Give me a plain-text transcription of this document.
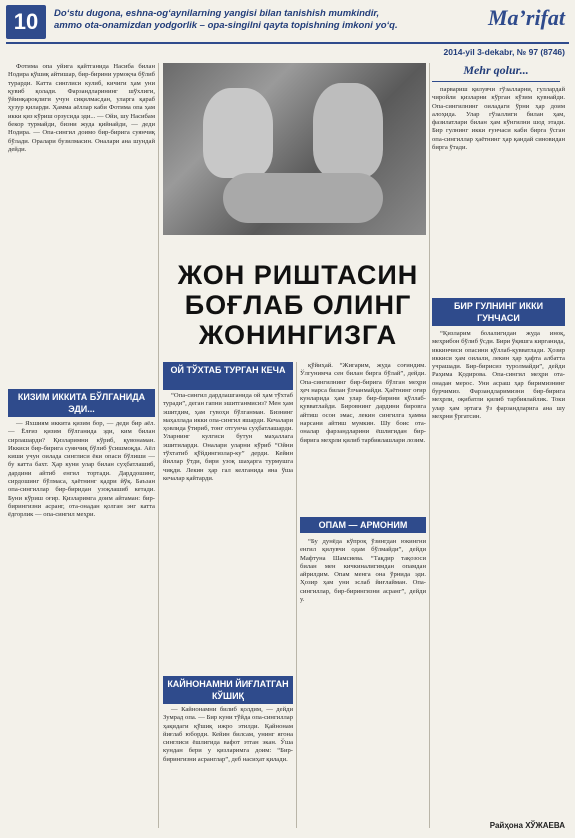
10	Do‘stu dugona, eshna-og‘aynilarning yangisi bilan tanishish mumkindir, ammo ota-onamizdan yodgorlik – opa-singilni qayta topishning imkoni yo‘q.	Ma’rifat
2014-yil 3-dekabr, № 97 (8746)
Mehr qolur...

Фотима опа уйига қайтганида Насиба билан Нодира қўшиқ айтишар, бир-бирини урмоқча бўлиб турарди. Катта синглиси кулиб, кичиги ҳам уни қувиб қолади. Фарзандларининг шўхлиги, ўйинқароқлиги учун сиқилмасдан, уларга қараб ҳузур қиларди. Ҳамма аёллар каби Фотима опа ҳам икки қиз кўриш орзусида эди... — Ойи, шу Насибам бекор турмайди, бизни жуда қийнайди, — деди Нодира. — Опа-сингил доимо бир-бирига суянчиқ бўлади. Оралари бузилмасин. Оналари ана шундай дейди.

КИЗИМ ИККИТА БЎЛГАНИДА ЭДИ...

— Яхшиям иккита қизим бор, — деди бир аёл. — Ёлғиз қизим бўлганида эди, ким билан сирлашарди? Қизларимни кўриб, қувонаман. Иккиси бир-бирига суянчиқ бўлиб ўсишмоқда. Аёл киши учун оилада синглиси ёки опаси бўлиши — бу катта бахт. Ҳар куни улар билан суҳбатлашиб, дардини айтиб енгил тортади. Дарддошинг, сирдошинг бўлмаса, ҳаётнинг қадри йўқ. Баъзан опа-сингиллар бир-биридан узоқлашиб кетади. Буни кўриш оғир. Қизларимга доим айтаман: бир-бирингизни асранг, ота-онадан қолган энг катта ёдгорлик — опа-сингил меҳри.

ЖОН РИШТАСИН
БОҒЛАБ ОЛИНГ
ЖОНИНГИЗГА
ОЙ ТЎХТАБ ТУРГАН КЕЧА

“Опа-сингил дардлашганида ой ҳам тўхтаб туради”, деган гапни эшитганмисиз? Мен ҳам эшитдим, ҳам гувоҳи бўлганман. Бизнинг маҳаллада икки опа-сингил яшарди. Кечалари ҳовлида ўтириб, тонг отгунча суҳбатлашарди. Уларнинг кулгиси бутун маҳаллага эшитиларди. Оналари уларни кўриб “Ойни тўхтатиб қўйдингизлар-ку” дерди. Кейин йиллар ўтди, бири узоқ шаҳарга турмушга чиқди. Лекин ҳар гал келганида яна ўша кечалар қайтарди.

КАЙНОНАМНИ ЙИҒЛАТГАН КЎШИҚ

— Кайнонамни билиб қолдим, — дейди Зумрад опа. — Бир куни тўйда опа-сингиллар ҳақидаги қўшиқ ижро этилди. Қайнонам йиғлаб юборди. Кейин билсам, унинг ягона синглиси ёшлигида вафот этган экан. Ўша кундан бери у қизларимга доим: “Бир-бирингизни асранглар”, деб насиҳат қилади.

қўйиҳай. “Жигарим, жуда соғиндим. Ўлгунимча сен билан бирга бўлай”, дейди. Опа-сингилнинг бир-бирига бўлган меҳри ҳеч нарса билан ўлчанмайди. Ҳаётнинг оғир кунларида ҳам улар бир-бирини қўллаб-қувватлайди. Бировнинг дардини бировга айтиш осон эмас, лекин сингилга ҳамма нарсани айтиш мумкин. Шу боис ота-оналар фарзандларини ёшлигидан бир-бирига меҳрли қилиб тарбиялашлари лозим.

ОПАМ — АРМОНИМ

“Бу дунёда кўпроқ ўзингдан юкингни енгил қилувчи одам бўлмайди”, дейди Мафтуна Шамсиева. “Тақдир тақозоси билан мен кичкиналигимдан опамдан айрилдим. Опам менга она ўрнида эди. Ҳозир ҳам уни эслаб йиғлайман. Опа-сингиллар, бир-бирингизни асранг”, дейди у.

парвариш қилувчи гўзалларни, гуллардай чиройли қизларни кўрган кўзим қувнайди. Опа-сингилнинг оиладаги ўрни ҳар доим алоҳида. Улар гўзаллиги билан ҳам, фазилатлари билан ҳам кўнгилни шод этади. Бир гулнинг икки ғунчаси каби бирга ўсган опа-сингиллар ҳаётнинг ҳар қандай синовидан бирга ўтади.

БИР ГУЛНИНГ ИККИ ГУНЧАСИ

“Қизларим болалигидан жуда инoқ, меҳрибон бўлиб ўсди. Бири ўқишга кирганида, иккинчиси опасини қўллаб-қувватлади. Ҳозир иккиси ҳам оилали, лекин ҳар ҳафта албатта учрашади. Бир-бирисиз туролмайди”, дейди Раҳима Қодирова. Опа-сингил меҳри ота-онадан мерос. Уни асраш ҳар биримизнинг бурчимиз. Фарзандларимизни бир-бирига меҳрли, оқибатли қилиб тарбиялайлик. Токи улар ҳам эртага ўз фарзандларига ана шу меҳрни ўргатсин.

Райҳона ХЎЖАЕВА
